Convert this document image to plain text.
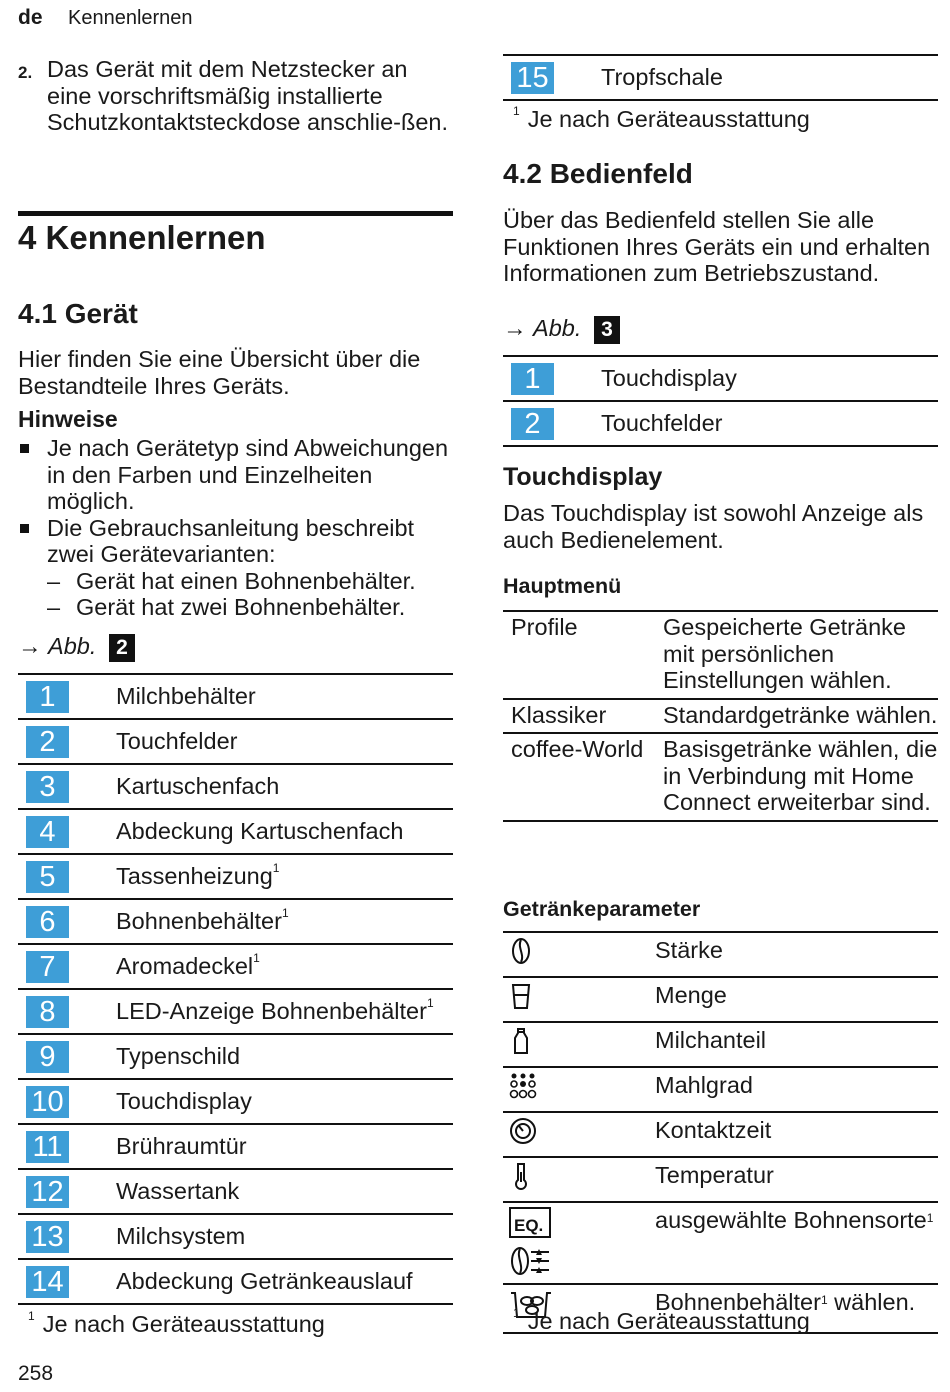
de Kennenlernen
2. Das Gerät mit dem Netzstecker an eine vorschriftsmäßig installierte Schutzkontaktsteckdose anschlie-ßen.
4 Kennenlernen
4.1 Gerät
Hier finden Sie eine Übersicht über die Bestandteile Ihres Geräts.
Hinweise
Je nach Gerätetyp sind Abweichungen in den Farben und Einzelheiten möglich.
Die Gebrauchsanleitung beschreibt zwei Gerätevarianten:
– Gerät hat einen Bohnenbehälter.
– Gerät hat zwei Bohnenbehälter.
→ Abb. 2
1	Milchbehälter
2	Touchfelder
3	Kartuschenfach
4	Abdeckung Kartuschenfach
5	Tassenheizung$^1$
6	Bohnenbehälter$^1$
7	Aromadeckel$^1$
8	LED-Anzeige Bohnenbehälter$^1$
9	Typenschild
10	Touchdisplay
11	Brühraumtür
12	Wassertank
13	Milchsystem
14	Abdeckung Getränkeauslauf
$^1$ Je nach Geräteausstattung
258
15	Tropfschale
$^1$ Je nach Geräteausstattung
4.2 Bedienfeld
Über das Bedienfeld stellen Sie alle Funktionen Ihres Geräts ein und erhalten Informationen zum Betriebszustand.
→ Abb. 3
1	Touchdisplay
2	Touchfelder
Touchdisplay
Das Touchdisplay ist sowohl Anzeige als auch Bedienelement.
Hauptmenü
Profile	Gespeicherte Getränke mit persönlichen Einstellungen wählen.
Klassiker	Standardgetränke wählen.
coffee-World	Basisgetränke wählen, die in Verbindung mit Home Connect erweiterbar sind.
Getränkeparameter
	Stärke
	Menge
	Milchanteil
	Mahlgrad
	Kontaktzeit
	Temperatur

EQ.	ausgewählte Bohnensorte$^1$
	Bohnenbehälter$^1$ wählen.
$^1$ Je nach Geräteausstattung
